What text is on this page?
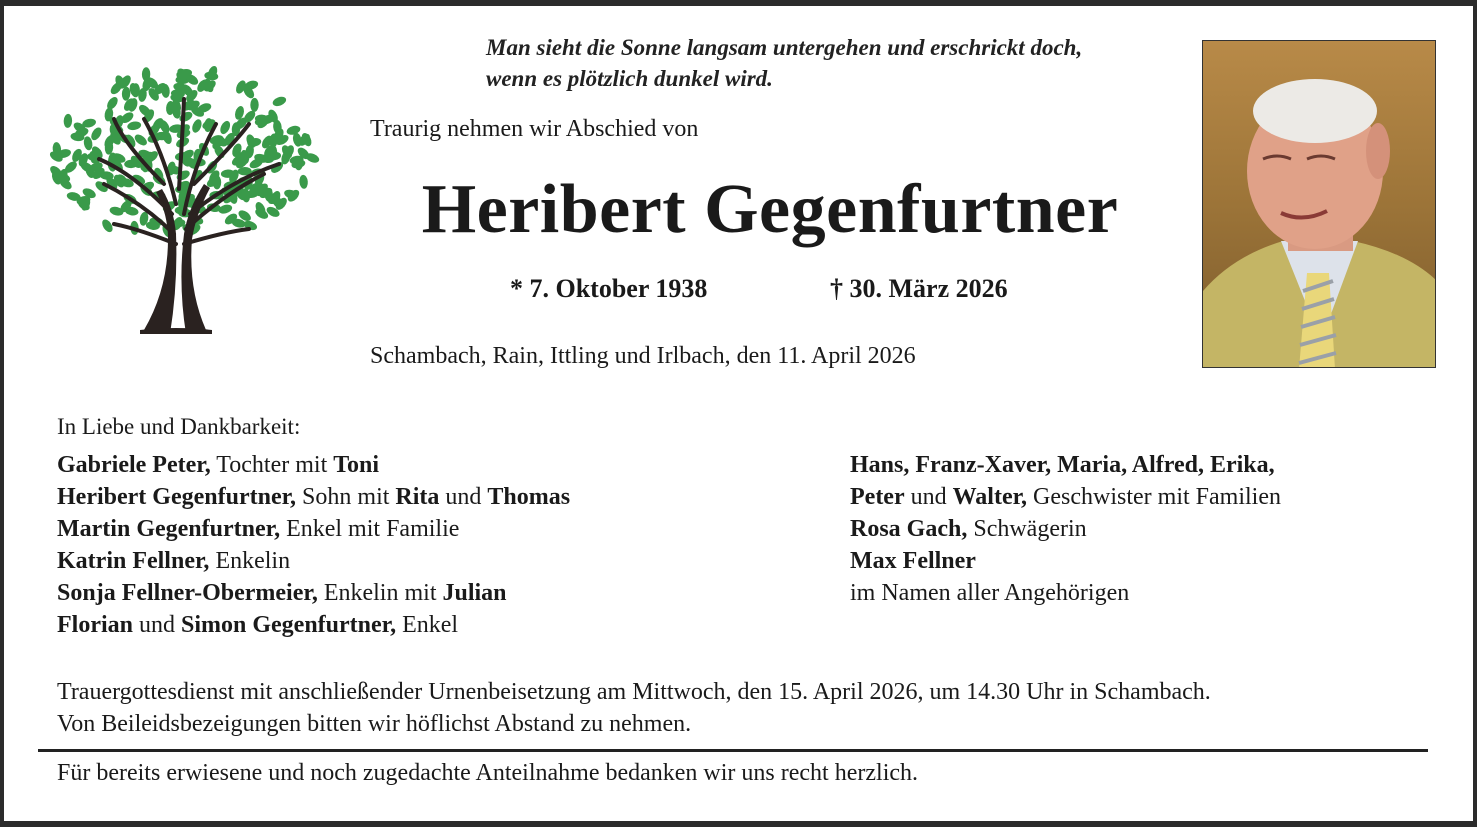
Man sieht die Sonne langsam untergehen und erschrickt doch,
wenn es plötzlich dunkel wird.
Traurig nehmen wir Abschied von
Heribert Gegenfurtner
* 7. Oktober 1938	† 30. März 2026
Schambach, Rain, Ittling und Irlbach, den 11. April 2026
In Liebe und Dankbarkeit:
Gabriele Peter, Tochter mit Toni
Heribert Gegenfurtner, Sohn mit Rita und Thomas
Martin Gegenfurtner, Enkel mit Familie
Katrin Fellner, Enkelin
Sonja Fellner-Obermeier, Enkelin mit Julian
Florian und Simon Gegenfurtner, Enkel
Hans, Franz-Xaver, Maria, Alfred, Erika,
Peter und Walter, Geschwister mit Familien
Rosa Gach, Schwägerin
Max Fellner
im Namen aller Angehörigen
Trauergottesdienst mit anschließender Urnenbeisetzung am Mittwoch, den 15. April 2026, um 14.30 Uhr in Schambach.
Von Beileidsbezeigungen bitten wir höflichst Abstand zu nehmen.
Für bereits erwiesene und noch zugedachte Anteilnahme bedanken wir uns recht herzlich.
